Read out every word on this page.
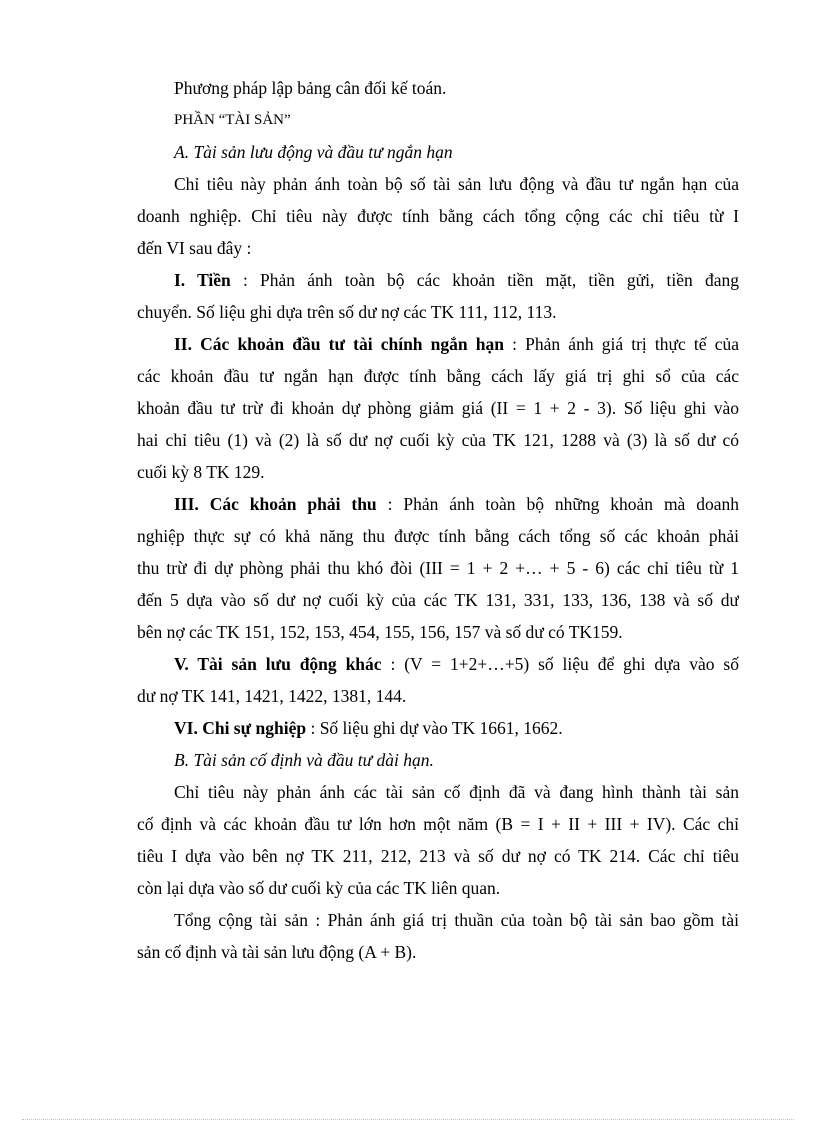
Phương pháp lập bảng cân đối kế toán.
PHẦN “TÀI SẢN”
A. Tài sản lưu động và đầu tư ngắn hạn
Chỉ tiêu này phản ánh toàn bộ số tài sản lưu động và đầu tư ngắn hạn của
doanh nghiệp. Chỉ tiêu này được tính bằng cách tổng cộng các chỉ tiêu từ I
đến VI sau đây :
I. Tiền : Phản ánh toàn bộ các khoản tiền mặt, tiền gửi, tiền đang
chuyển. Số liệu ghi dựa trên số dư nợ các TK 111, 112, 113.
II. Các khoản đầu tư tài chính ngắn hạn : Phản ánh giá trị thực tế của
các khoản đầu tư ngắn hạn được tính bằng cách lấy giá trị ghi sổ của các
khoản đầu tư trừ đi khoản dự phòng giảm giá (II = 1 + 2 - 3). Số liệu ghi vào
hai chỉ tiêu (1) và (2) là số dư nợ cuối kỳ của TK 121, 1288 và (3) là số dư có
cuối kỳ 8 TK 129.
III. Các khoản phải thu : Phản ánh toàn bộ những khoản mà doanh
nghiệp thực sự có khả năng thu được tính bằng cách tổng số các khoản phải
thu trừ đi dự phòng phải thu khó đòi (III = 1 + 2 +… + 5 - 6) các chỉ tiêu từ 1
đến 5 dựa vào số dư nợ cuối kỳ của các TK 131, 331, 133, 136, 138 và số dư
bên nợ các TK 151, 152, 153, 454, 155, 156, 157 và số dư có TK159.
V. Tài sản lưu động khác : (V = 1+2+…+5) số liệu để ghi dựa vào số
dư nợ TK 141, 1421, 1422, 1381, 144.
VI. Chi sự nghiệp : Số liệu ghi dự vào TK 1661, 1662.
B. Tài sản cố định và đầu tư dài hạn.
Chỉ tiêu này phản ánh các tài sản cố định đã và đang hình thành tài sản
cố định và các khoản đầu tư lớn hơn một năm (B = I + II + III + IV). Các chỉ
tiêu I dựa vào bên nợ TK 211, 212, 213 và số dư nợ có TK 214. Các chỉ tiêu
còn lại dựa vào số dư cuối kỳ của các TK liên quan.
Tổng cộng tài sản : Phản ánh giá trị thuần của toàn bộ tài sản bao gồm tài
sản cố định và tài sản lưu động (A + B).
